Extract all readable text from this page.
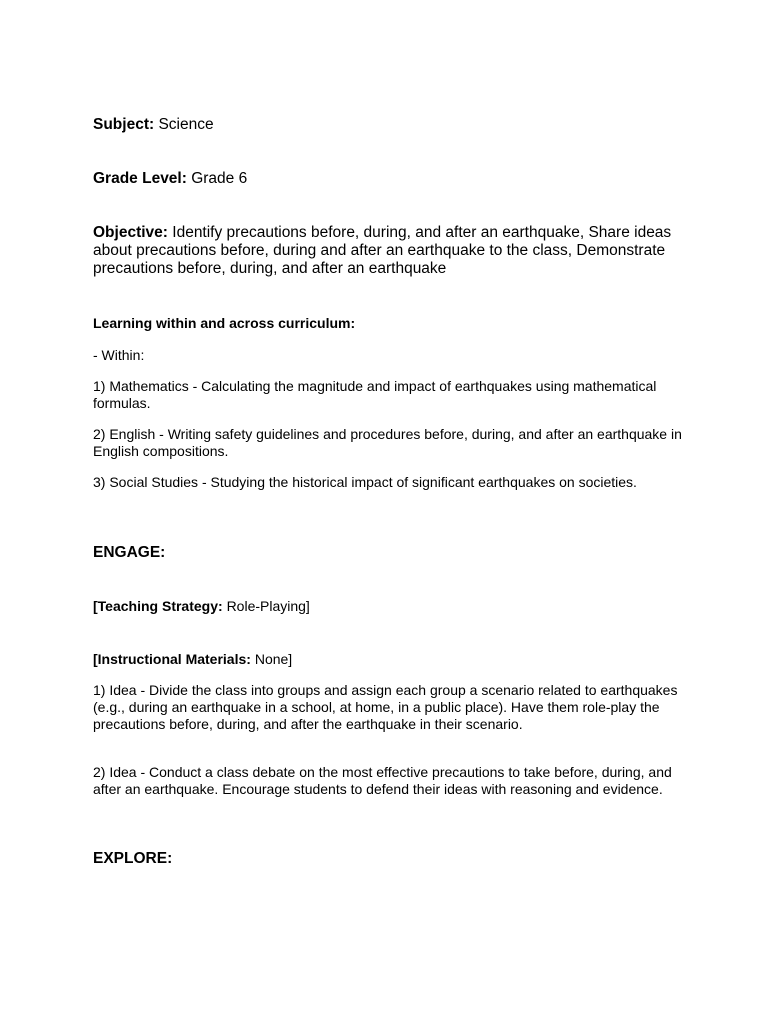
Subject: Science

Grade Level: Grade 6

Objective: Identify precautions before, during, and after an earthquake, Share ideas about precautions before, during and after an earthquake to the class, Demonstrate precautions before, during, and after an earthquake

Learning within and across curriculum:

- Within:

1) Mathematics - Calculating the magnitude and impact of earthquakes using mathematical formulas.

2) English - Writing safety guidelines and procedures before, during, and after an earthquake in English compositions.

3) Social Studies - Studying the historical impact of significant earthquakes on societies.

ENGAGE:

[Teaching Strategy: Role-Playing]

[Instructional Materials: None]

1) Idea - Divide the class into groups and assign each group a scenario related to earthquakes (e.g., during an earthquake in a school, at home, in a public place). Have them role-play the precautions before, during, and after the earthquake in their scenario.

2) Idea - Conduct a class debate on the most effective precautions to take before, during, and after an earthquake. Encourage students to defend their ideas with reasoning and evidence.

EXPLORE:
